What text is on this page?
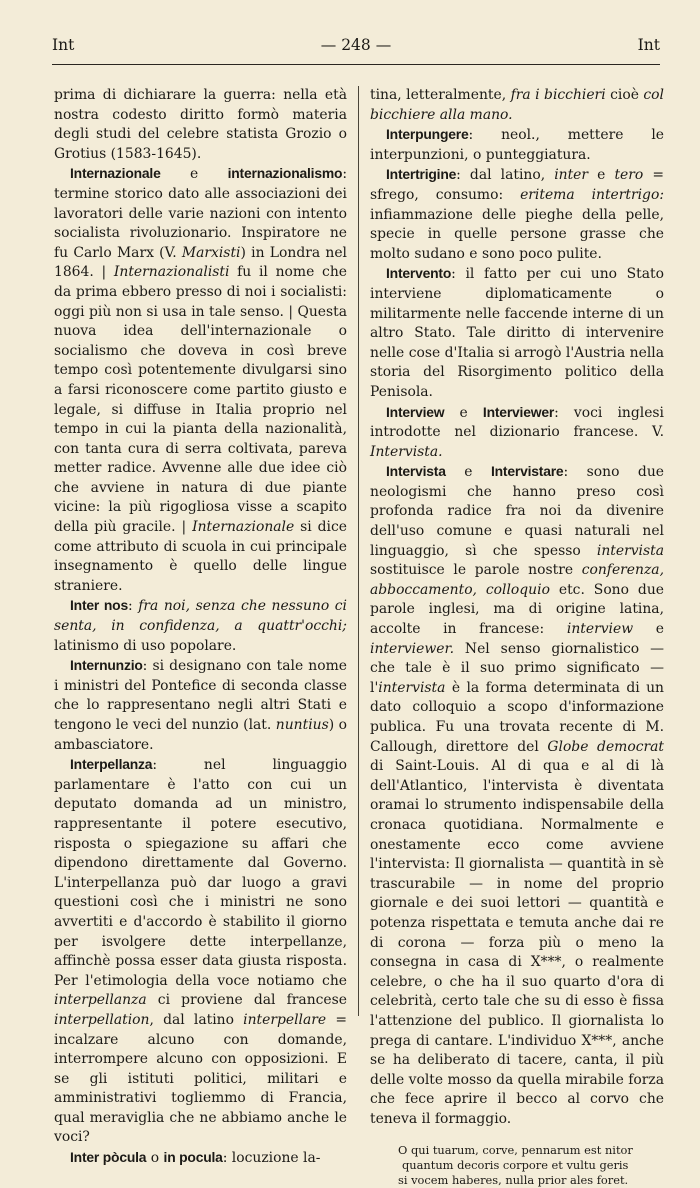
Int	— 248 —	Int

prima di dichiarare la guerra: nella età nostra codesto diritto formò materia degli studi del celebre statista Grozio o Grotius (1583-1645).

Internazionale e internazionalismo: termine storico dato alle associazioni dei lavoratori delle varie nazioni con intento socialista rivoluzionario. Inspiratore ne fu Carlo Marx (V. Marxisti) in Londra nel 1864. | Internazionalisti fu il nome che da prima ebbero presso di noi i socialisti: oggi più non si usa in tale senso. | Questa nuova idea dell'internazionale o socialismo che doveva in così breve tempo così potentemente divulgarsi sino a farsi riconoscere come partito giusto e legale, si diffuse in Italia proprio nel tempo in cui la pianta della nazionalità, con tanta cura di serra coltivata, pareva metter radice. Avvenne alle due idee ciò che avviene in natura di due piante vicine: la più rigogliosa visse a scapito della più gracile. | Internazionale si dice come attributo di scuola in cui principale insegnamento è quello delle lingue straniere.

Inter nos: fra noi, senza che nessuno ci senta, in confidenza, a quattr'occhi; latinismo di uso popolare.

Internunzio: si designano con tale nome i ministri del Pontefice di seconda classe che lo rappresentano negli altri Stati e tengono le veci del nunzio (lat. nuntius) o ambasciatore.

Interpellanza: nel linguaggio parlamentare è l'atto con cui un deputato domanda ad un ministro, rappresentante il potere esecutivo, risposta o spiegazione su affari che dipendono direttamente dal Governo. L'interpellanza può dar luogo a gravi questioni così che i ministri ne sono avvertiti e d'accordo è stabilito il giorno per isvolgere dette interpellanze, affinchè possa esser data giusta risposta. Per l'etimologia della voce notiamo che interpellanza ci proviene dal francese interpellation, dal latino interpellare = incalzare alcuno con domande, interrompere alcuno con opposizioni. E se gli istituti politici, militari e amministrativi togliemmo di Francia, qual meraviglia che ne abbiamo anche le voci?

Inter pòcula o in pocula: locuzione la-

tina, letteralmente, fra i bicchieri cioè col bicchiere alla mano.

Interpungere: neol., mettere le interpunzioni, o punteggiatura.

Intertrigine: dal latino, inter e tero = sfrego, consumo: eritema intertrigo: infiammazione delle pieghe della pelle, specie in quelle persone grasse che molto sudano e sono poco pulite.

Intervento: il fatto per cui uno Stato interviene diplomaticamente o militarmente nelle faccende interne di un altro Stato. Tale diritto di intervenire nelle cose d'Italia si arrogò l'Austria nella storia del Risorgimento politico della Penisola.

Interview e Interviewer: voci inglesi introdotte nel dizionario francese. V. Intervista.

Intervista e Intervistare: sono due neologismi che hanno preso così profonda radice fra noi da divenire dell'uso comune e quasi naturali nel linguaggio, sì che spesso intervista sostituisce le parole nostre conferenza, abboccamento, colloquio etc. Sono due parole inglesi, ma di origine latina, accolte in francese: interview e interviewer. Nel senso giornalistico — che tale è il suo primo significato — l'intervista è la forma determinata di un dato colloquio a scopo d'informazione publica. Fu una trovata recente di M. Callough, direttore del Globe democrat di Saint-Louis. Al di qua e al di là dell'Atlantico, l'intervista è diventata oramai lo strumento indispensabile della cronaca quotidiana. Normalmente e onestamente ecco come avviene l'intervista: Il giornalista — quantità in sè trascurabile — in nome del proprio giornale e dei suoi lettori — quantità e potenza rispettata e temuta anche dai re di corona — forza più o meno la consegna in casa di X***, o realmente celebre, o che ha il suo quarto d'ora di celebrità, certo tale che su di esso è fissa l'attenzione del publico. Il giornalista lo prega di cantare. L'individuo X***, anche se ha deliberato di tacere, canta, il più delle volte mosso da quella mirabile forza che fece aprire il becco al corvo che teneva il formaggio.

O qui tuarum, corve, pennarum est nitor
quantum decoris corpore et vultu geris
si vocem haberes, nulla prior ales foret.
